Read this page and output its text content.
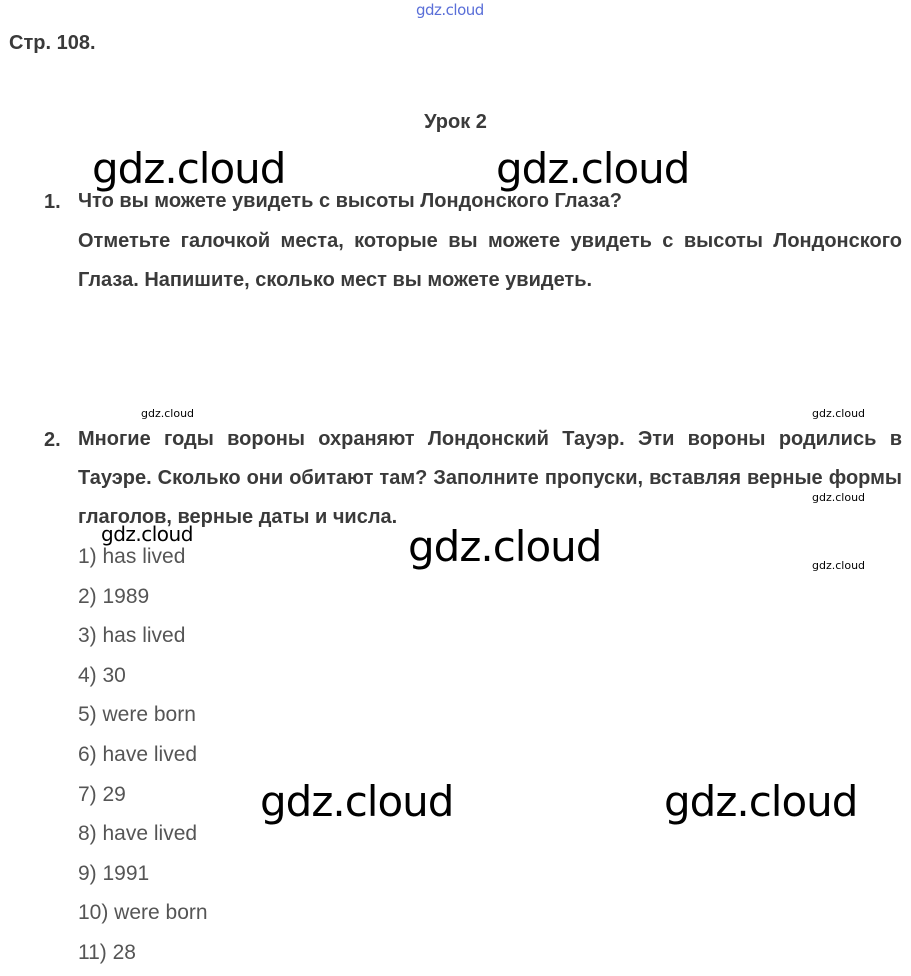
gdz.cloud
Стр. 108.
Урок 2
1. Что вы можете увидеть с высоты Лондонского Глаза?
Отметьте галочкой места, которые вы можете увидеть с высоты Лондонского Глаза. Напишите, сколько мест вы можете увидеть.
2. Многие годы вороны охраняют Лондонский Тауэр. Эти вороны родились в Тауэре. Сколько они обитают там? Заполните пропуски, вставляя верные формы глаголов, верные даты и числа.
1) has lived
2) 1989
3) has lived
4) 30
5) were born
6) have lived
7) 29
8) have lived
9) 1991
10) were born
11) 28
gdz.cloud	gdz.cloud
gdz.cloud	gdz.cloud
gdz.cloud
gdz.cloud	gdz.cloud	gdz.cloud
gdz.cloud	gdz.cloud
